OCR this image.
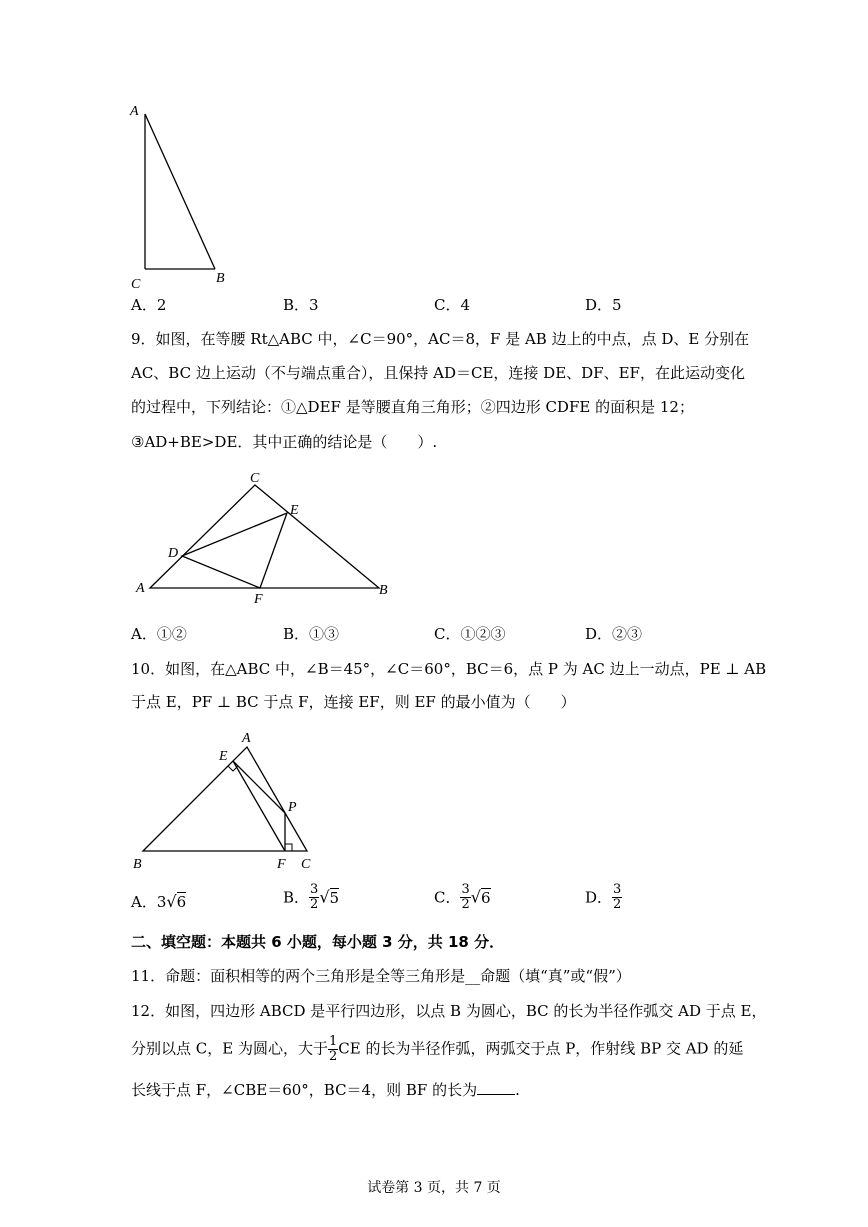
A
C	B
A．2	B．3	C．4	D．5
9．如图，在等腰 Rt△ABC 中，∠C＝90°，AC＝8，F 是 AB 边上的中点，点 D、E 分别在
AC、BC 边上运动（不与端点重合），且保持 AD＝CE，连接 DE、DF、EF，在此运动变化
的过程中，下列结论：①△DEF 是等腰直角三角形；②四边形 CDFE 的面积是 12；
③AD+BE>DE．其中正确的结论是（　　）.
C
E
D
A
F
B
A．①②	B．①③	C．①②③	D．②③
10．如图，在△ABC 中，∠B＝45°，∠C＝60°，BC＝6，点 P 为 AC 边上一动点，PE ⊥ AB
于点 E，PF ⊥ BC 于点 F，连接 EF，则 EF 的最小值为（　　）
A
E
P
B	F C
A．3√6	B． $\frac{3}{2} √5$	C． $\frac{3}{2} √6$	D． $\frac{3}{2}$
二、填空题：本题共 6 小题，每小题 3 分，共 18 分．
11．命题：面积相等的两个三角形是全等三角形是__命题（填“真”或“假”）
12．如图，四边形 ABCD 是平行四边形，以点 B 为圆心，BC 的长为半径作弧交 AD 于点 E，
分别以点 C，E 为圆心，大于 $\frac{1}{2}$ CE 的长为半径作弧，两弧交于点 P，作射线 BP 交 AD 的延
长线于点 F，∠CBE＝60°，BC＝4，则 BF 的长为	.
试卷第 3 页，共 7 页
